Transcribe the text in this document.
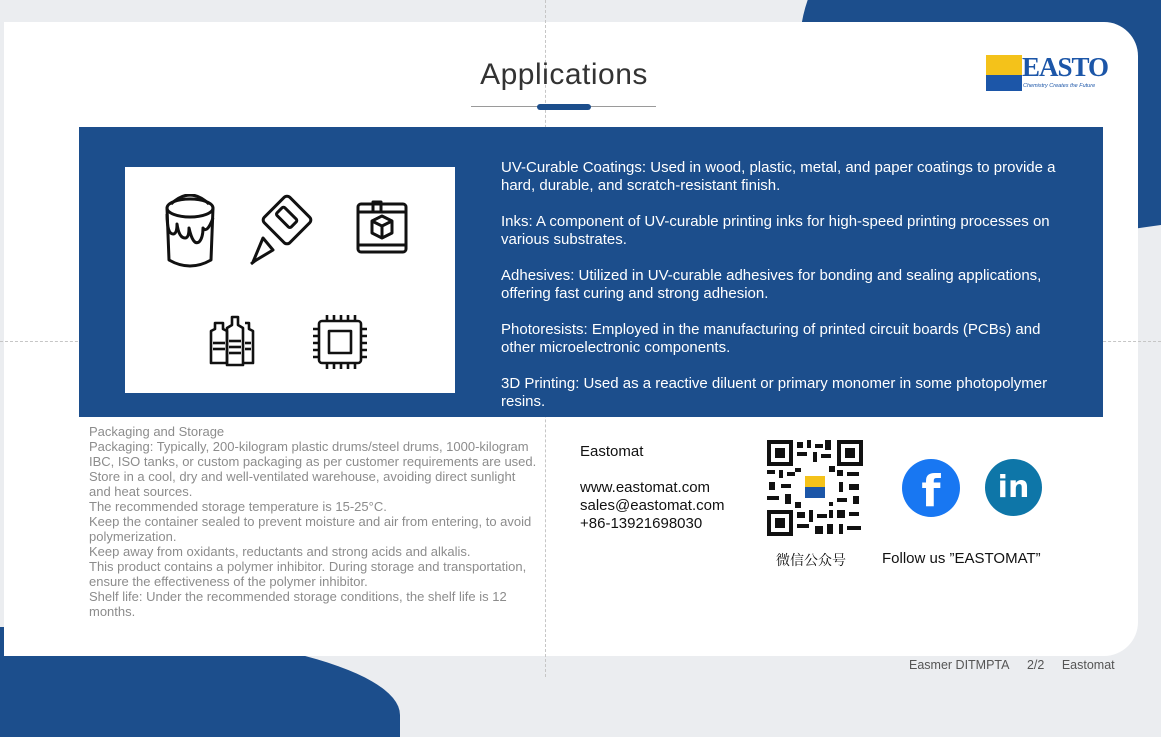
Applications	EASTO
Chemistry Creates the Future
UV-Curable Coatings: Used in wood, plastic, metal, and paper coatings to provide a hard, durable, and scratch-resistant finish.
Inks: A component of UV-curable printing inks for high-speed printing processes on various substrates.
Adhesives: Utilized in UV-curable adhesives for bonding and sealing applications, offering fast curing and strong adhesion.
Photoresists: Employed in the manufacturing of printed circuit boards (PCBs) and other microelectronic components.
3D Printing: Used as a reactive diluent or primary monomer in some photopolymer resins.
Packaging and Storage
Packaging: Typically, 200-kilogram plastic drums/steel drums, 1000-kilogram IBC, ISO tanks, or custom packaging as per customer requirements are used.
Store in a cool, dry and well-ventilated warehouse, avoiding direct sunlight and heat sources.
The recommended storage temperature is 15-25°C.
Keep the container sealed to prevent moisture and air from entering, to avoid polymerization.
Keep away from oxidants, reductants and strong acids and alkalis.
This product contains a polymer inhibitor. During storage and transportation, ensure the effectiveness of the polymer inhibitor.
Shelf life: Under the recommended storage conditions, the shelf life is 12 months.
Eastomat
www.eastomat.com
sales@eastomat.com
+86-13921698030
微信公众号
f	in
Follow us ”EASTOMAT”
Easmer DITMPTA 2/2 Eastomat
